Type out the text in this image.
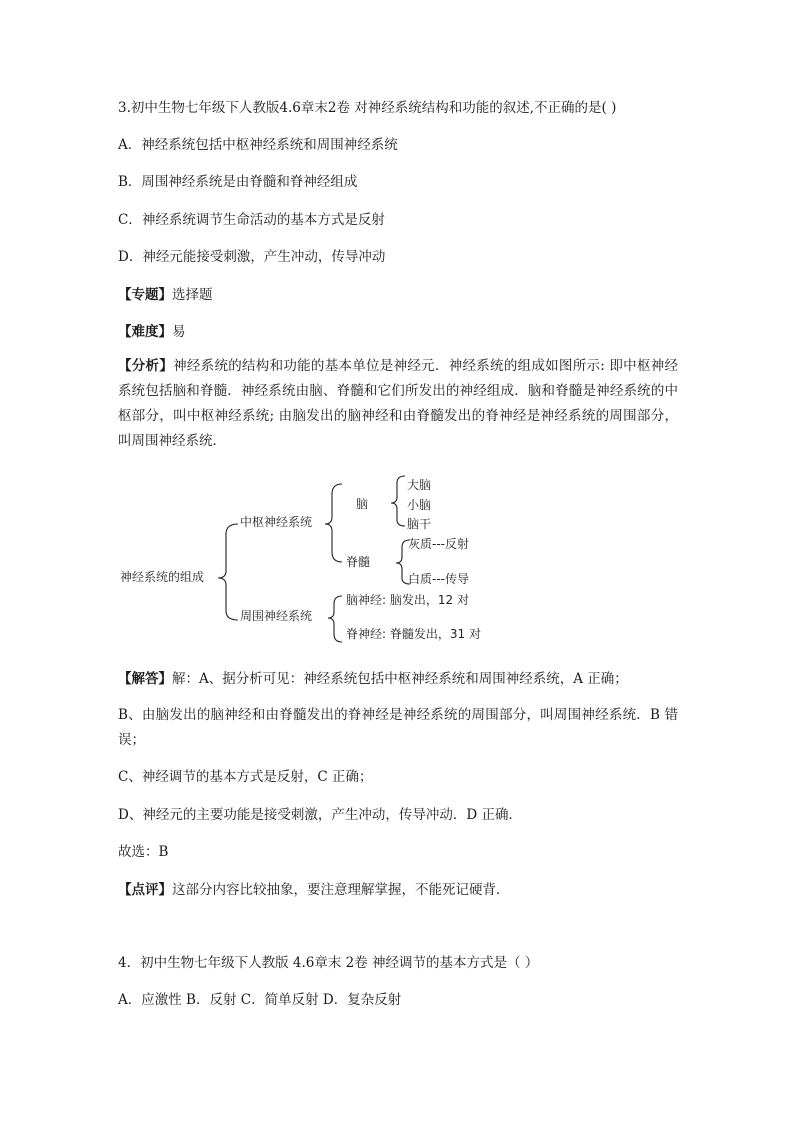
3.初中生物七年级下人教版4.6章末2卷 对神经系统结构和功能的叙述,不正确的是( )

A．神经系统包括中枢神经系统和周围神经系统

B．周围神经系统是由脊髓和脊神经组成

C．神经系统调节生命活动的基本方式是反射

D．神经元能接受刺激，产生冲动，传导冲动

【专题】选择题

【难度】易

【分析】神经系统的结构和功能的基本单位是神经元．神经系统的组成如图所示: 即中枢神经系统包括脑和脊髓．神经系统由脑、脊髓和它们所发出的神经组成．脑和脊髓是神经系统的中枢部分，叫中枢神经系统; 由脑发出的脑神经和由脊髓发出的脊神经是神经系统的周围部分，叫周围神经系统．

神经系统的组成
中枢神经系统
周围神经系统
脑
脊髓
大脑
小脑
脑干
灰质---反射
白质---传导
脑神经: 脑发出，12 对
脊神经: 脊髓发出，31 对

【解答】解：A、据分析可见：神经系统包括中枢神经系统和周围神经系统，A 正确；

B、由脑发出的脑神经和由脊髓发出的脊神经是神经系统的周围部分，叫周围神经系统．B 错误；

C、神经调节的基本方式是反射，C 正确；

D、神经元的主要功能是接受刺激，产生冲动，传导冲动．D 正确．

故选：B

【点评】这部分内容比较抽象，要注意理解掌握，不能死记硬背．

4．初中生物七年级下人教版 4.6章末 2卷 神经调节的基本方式是（ ）

A．应激性 B．反射 C．简单反射 D．复杂反射
